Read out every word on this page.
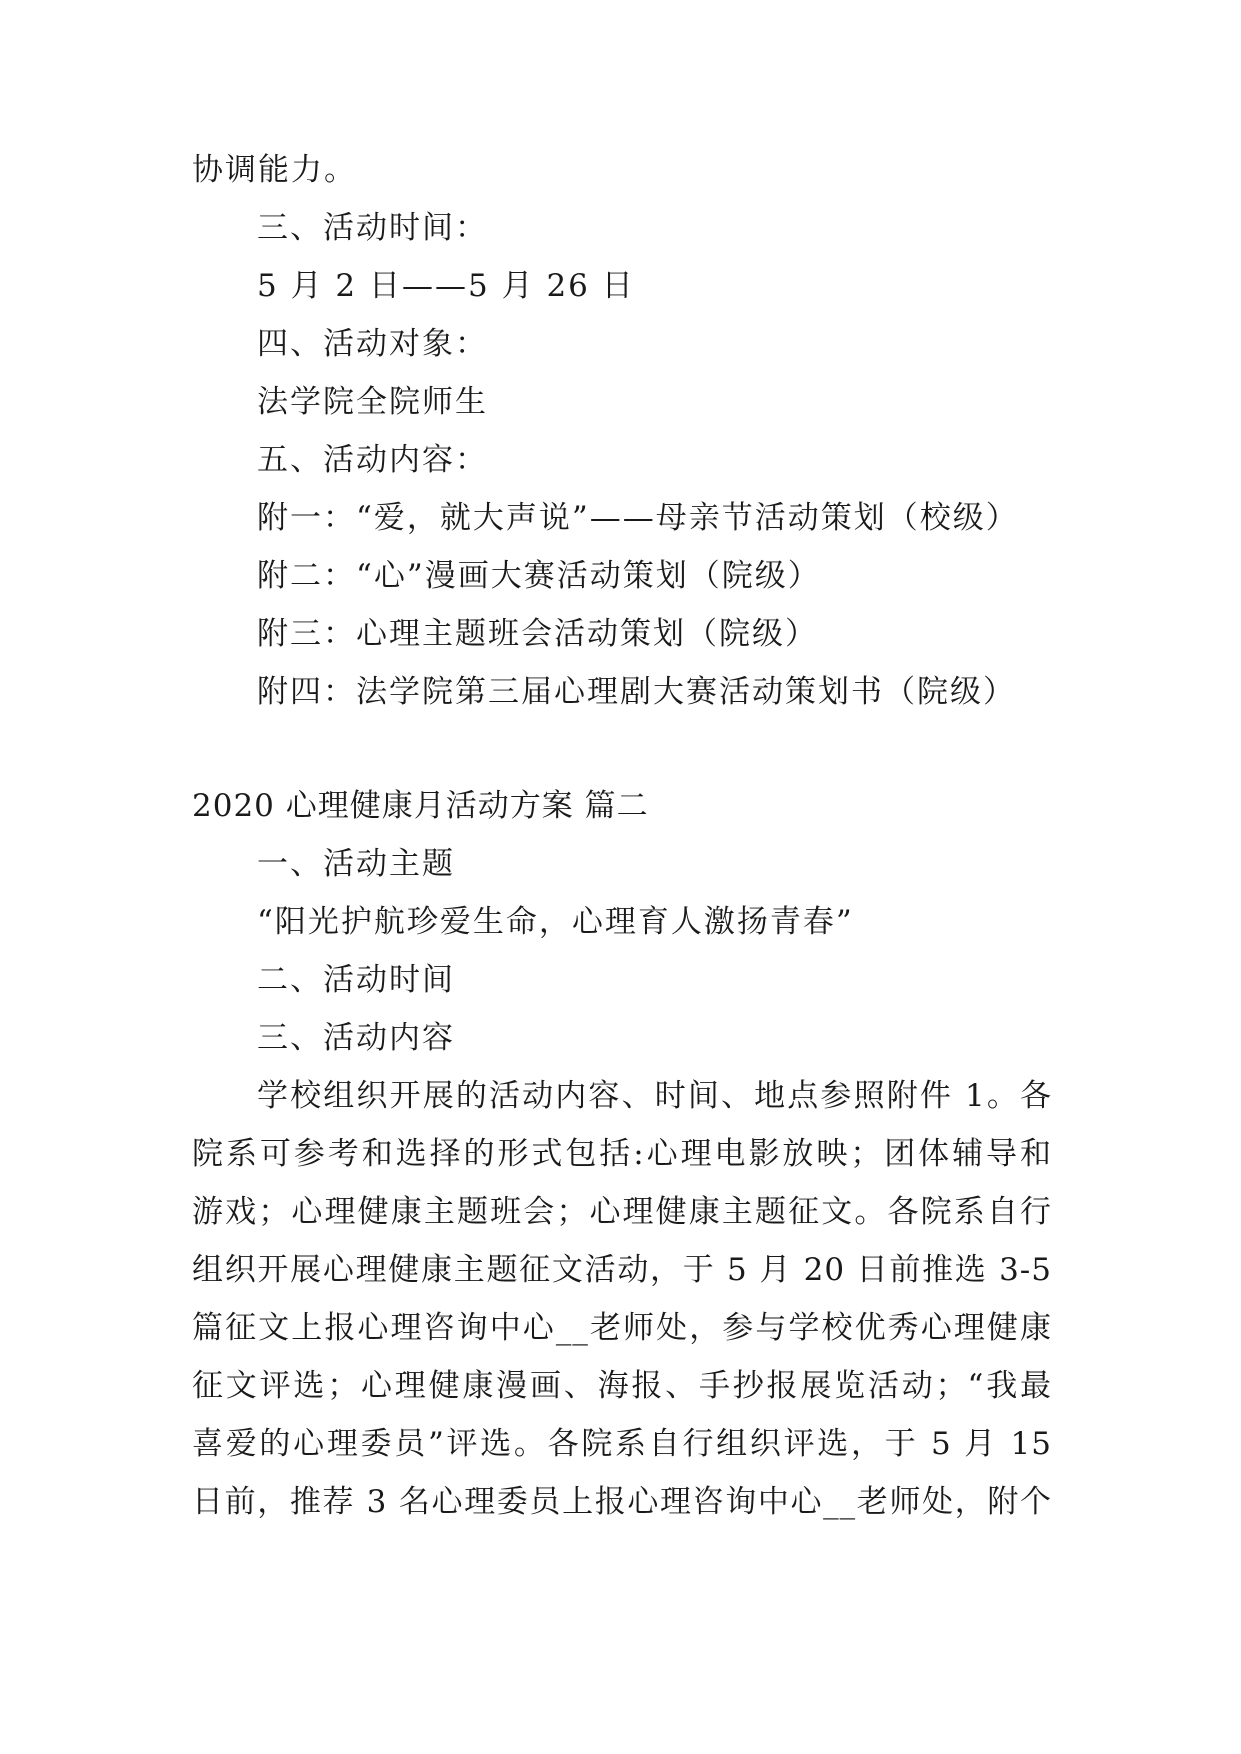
协调能力。
三、活动时间：
5 月 2 日——5 月 26 日
四、活动对象：
法学院全院师生
五、活动内容：
附一：“爱，就大声说”——母亲节活动策划（校级）
附二：“心”漫画大赛活动策划（院级）
附三：心理主题班会活动策划（院级）
附四：法学院第三届心理剧大赛活动策划书（院级）
2020 心理健康月活动方案 篇二
一、活动主题
“阳光护航珍爱生命，心理育人激扬青春”
二、活动时间
三、活动内容
学校组织开展的活动内容、时间、地点参照附件 1。各
院系可参考和选择的形式包括:心理电影放映；团体辅导和
游戏；心理健康主题班会；心理健康主题征文。各院系自行
组织开展心理健康主题征文活动，于 5 月 20 日前推选 3-5
篇征文上报心理咨询中心__老师处，参与学校优秀心理健康
征文评选；心理健康漫画、海报、手抄报展览活动；“我最
喜爱的心理委员”评选。各院系自行组织评选，于 5 月 15
日前，推荐 3 名心理委员上报心理咨询中心__老师处，附个
